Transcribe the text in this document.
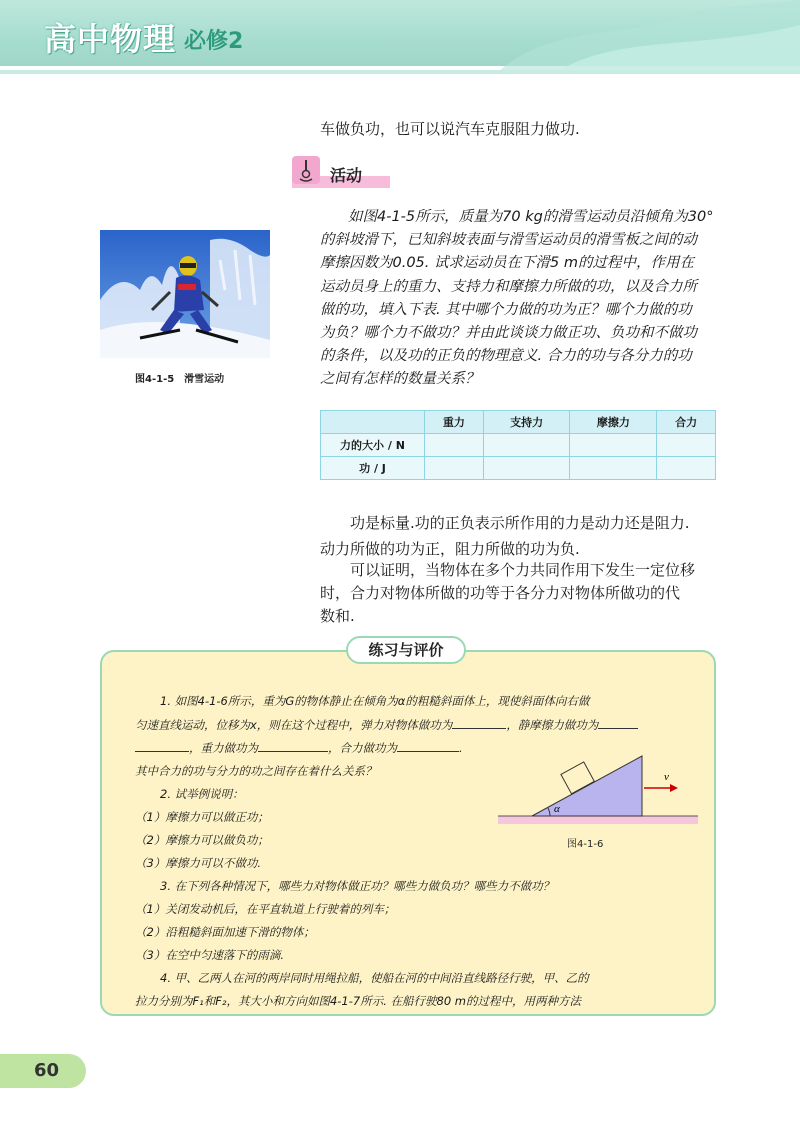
高中物理 必修2

车做负功，也可以说汽车克服阻力做功.

活动
如图4-1-5所示，质量为70 kg的滑雪运动员沿倾角为30°
的斜坡滑下，已知斜坡表面与滑雪运动员的滑雪板之间的动
摩擦因数为0.05. 试求运动员在下滑5 m的过程中，作用在
运动员身上的重力、支持力和摩擦力所做的功，以及合力所
做的功，填入下表. 其中哪个力做的功为正？哪个力做的功
为负？哪个力不做功？并由此谈谈力做正功、负功和不做功
的条件，以及功的正负的物理意义. 合力的功与各分力的功
之间有怎样的数量关系？
图4-1-5　滑雪运动
	重力	支持力	摩擦力	合力
力的大小 / N				
功 / J				

功是标量.功的正负表示所作用的力是动力还是阻力.

动力所做的功为正，阻力所做的功为负.

可以证明，当物体在多个力共同作用下发生一定位移

时，合力对物体所做的功等于各分力对物体所做功的代

数和.

练习与评价
1. 如图4-1-6所示，重为G的物体静止在倾角为α的粗糙斜面体上，现使斜面体向右做
匀速直线运动，位移为x，则在这个过程中，弹力对物体做功为	，静摩擦力做功为
，重力做功为	，合力做功为	.
其中合力的功与分力的功之间存在着什么关系？
2. 试举例说明：
（1）摩擦力可以做正功；
（2）摩擦力可以做负功；
（3）摩擦力可以不做功.
3. 在下列各种情况下，哪些力对物体做正功？哪些力做负功？哪些力不做功？
（1）关闭发动机后，在平直轨道上行驶着的列车；
（2）沿粗糙斜面加速下滑的物体；
（3）在空中匀速落下的雨滴.
4. 甲、乙两人在河的两岸同时用绳拉船，使船在河的中间沿直线路径行驶，甲、乙的
拉力分别为F₁和F₂，其大小和方向如图4-1-7所示. 在船行驶80 m的过程中，用两种方法
α
v
图4-1-6
60
